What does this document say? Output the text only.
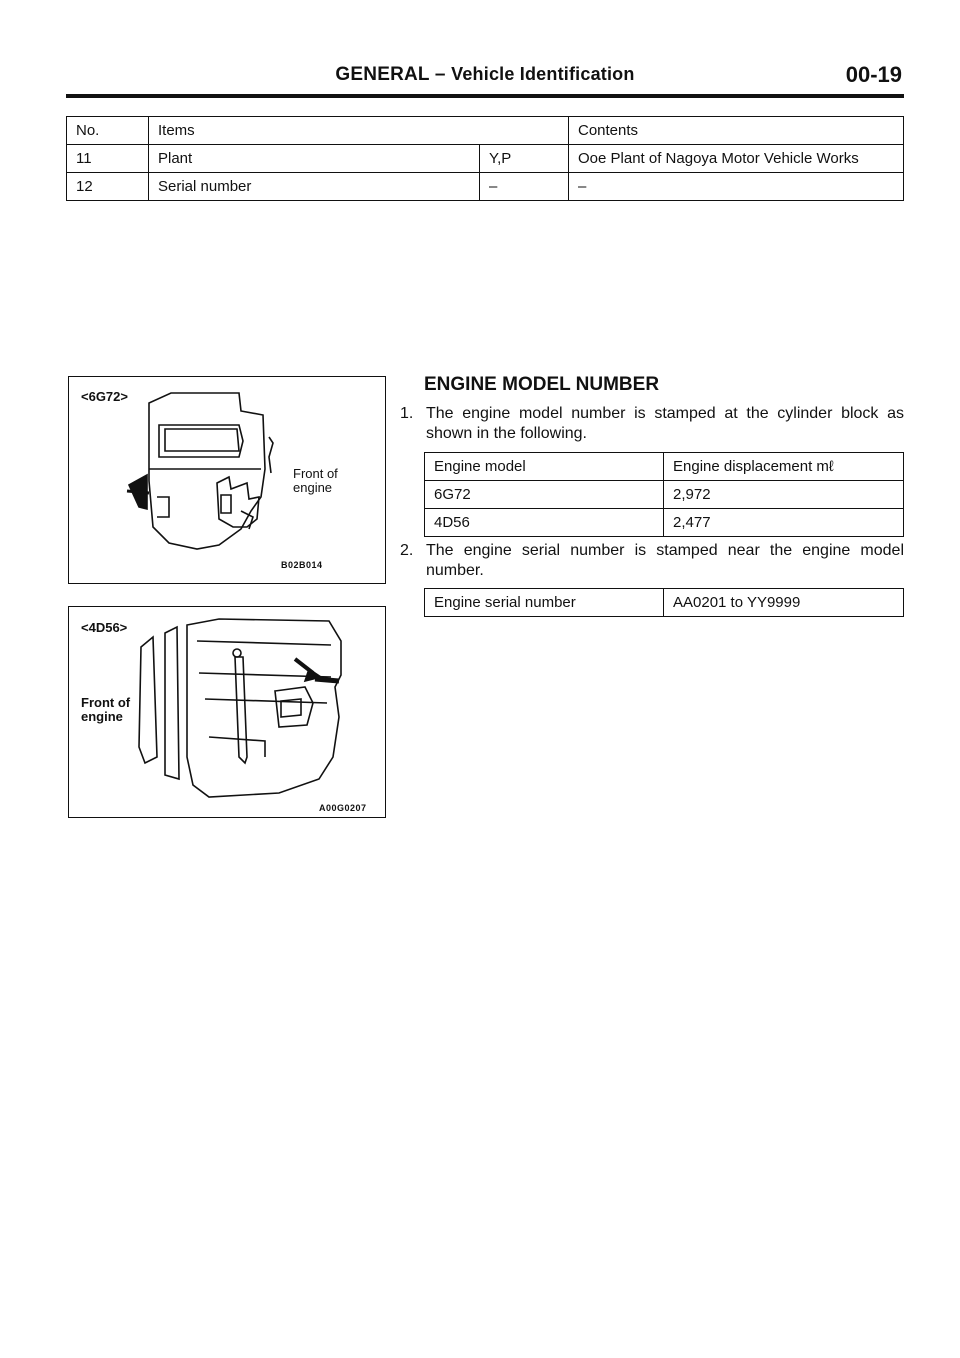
GENERAL – Vehicle Identification	00-19
No.	Items		Contents
11	Plant	Y,P	Ooe Plant of Nagoya Motor Vehicle Works
12	Serial number	–	–
<6G72>
Front of engine
B02B014
<4D56>
Front of engine
A00G0207
ENGINE MODEL NUMBER
1. The engine model number is stamped at the cylinder block as shown in the following.
Engine model	Engine displacement mℓ
6G72	2,972
4D56	2,477
2. The engine serial number is stamped near the engine model number.
Engine serial number	AA0201 to YY9999
